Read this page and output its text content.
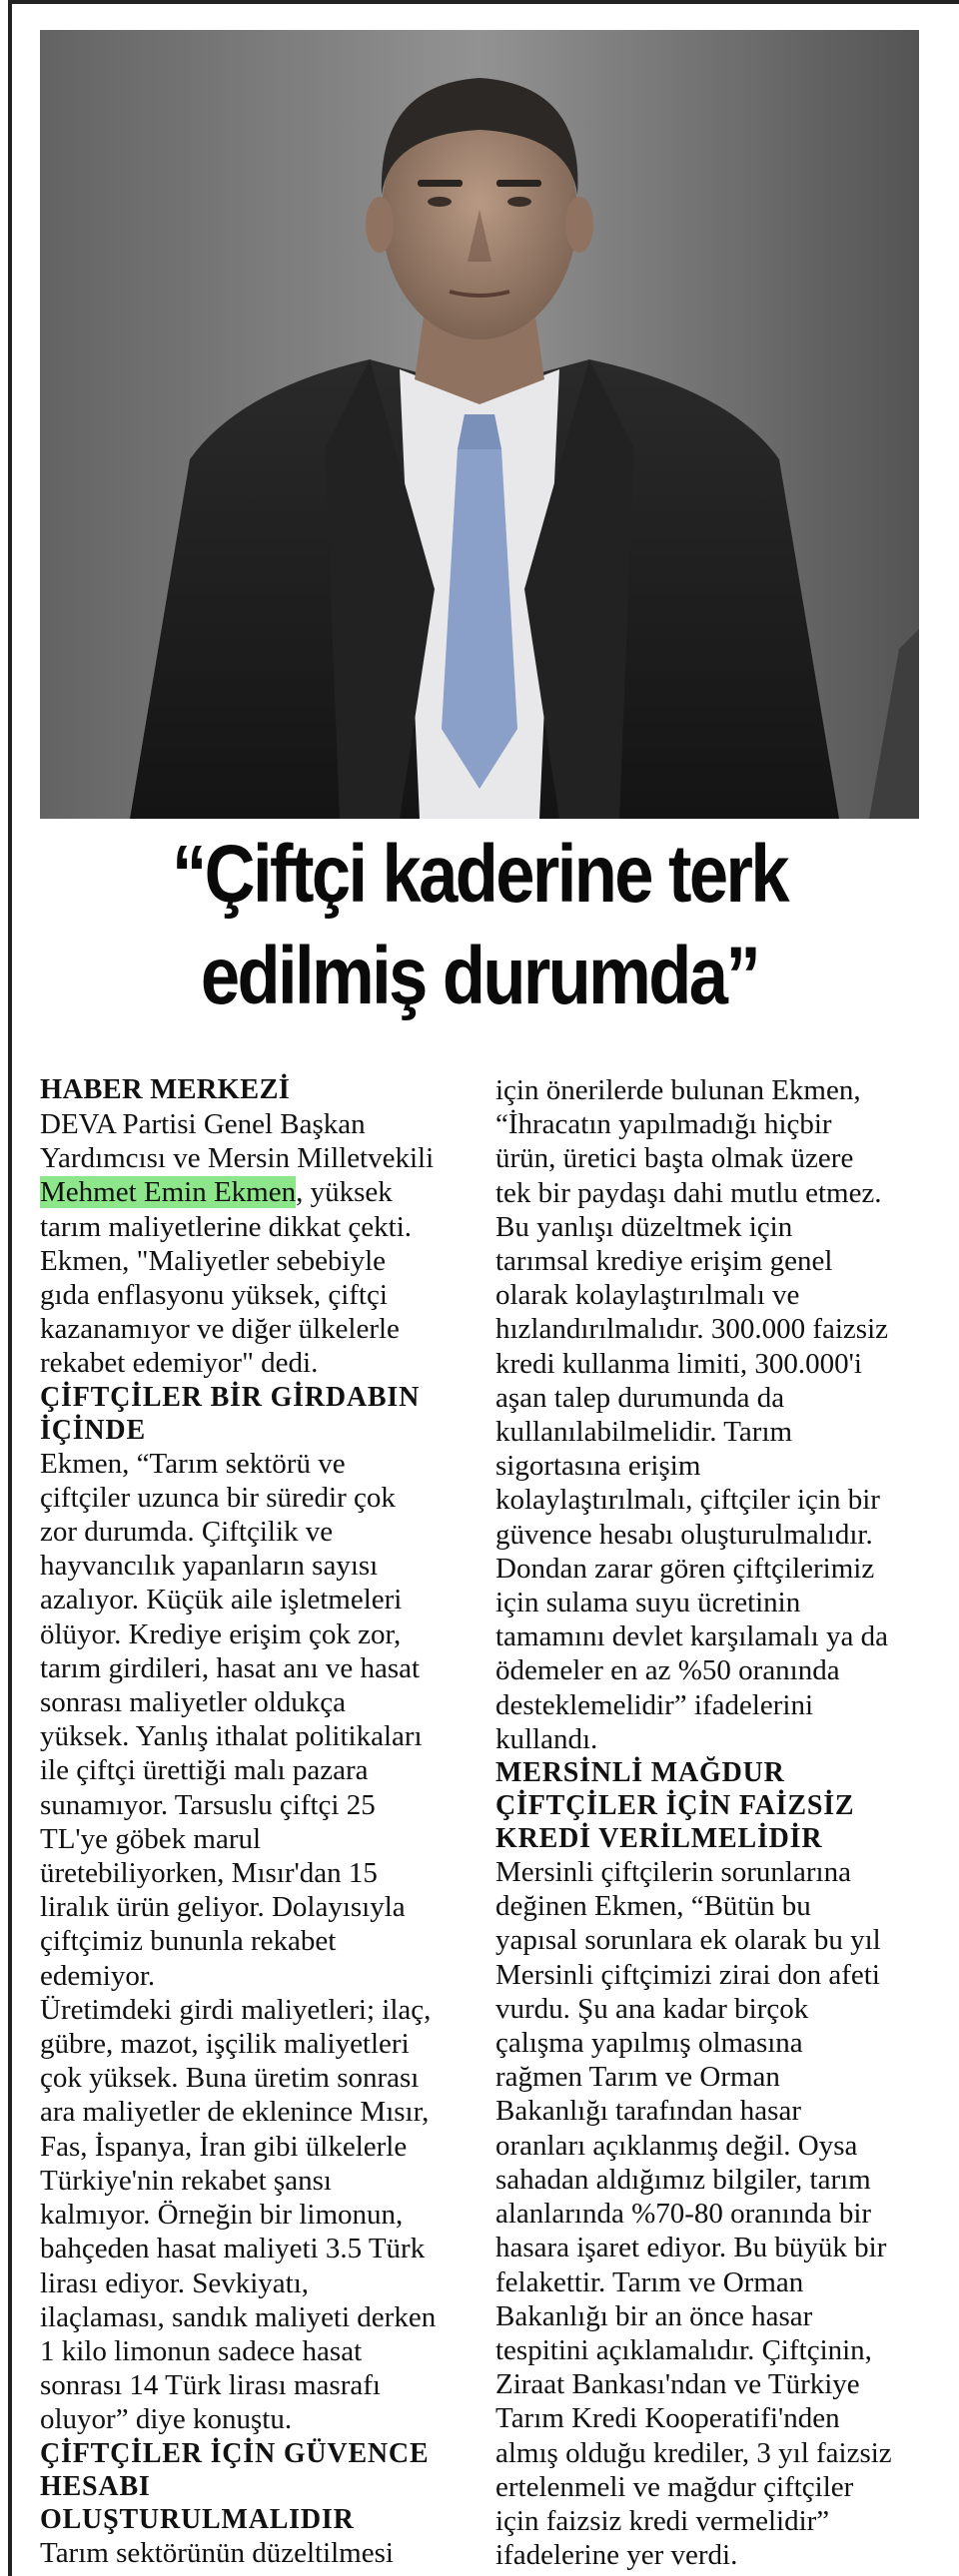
“Çiftçi kaderine terk
edilmiş durumda”
HABER MERKEZİ
DEVA Partisi Genel Başkan
Yardımcısı ve Mersin Milletvekili
Mehmet Emin Ekmen, yüksek
tarım maliyetlerine dikkat çekti.
Ekmen, "Maliyetler sebebiyle
gıda enflasyonu yüksek, çiftçi
kazanamıyor ve diğer ülkelerle
rekabet edemiyor" dedi.
ÇİFTÇİLER BİR GİRDABIN
İÇİNDE
Ekmen, “Tarım sektörü ve
çiftçiler uzunca bir süredir çok
zor durumda. Çiftçilik ve
hayvancılık yapanların sayısı
azalıyor. Küçük aile işletmeleri
ölüyor. Krediye erişim çok zor,
tarım girdileri, hasat anı ve hasat
sonrası maliyetler oldukça
yüksek. Yanlış ithalat politikaları
ile çiftçi ürettiği malı pazara
sunamıyor. Tarsuslu çiftçi 25
TL'ye göbek marul
üretebiliyorken, Mısır'dan 15
liralık ürün geliyor. Dolayısıyla
çiftçimiz bununla rekabet
edemiyor.
Üretimdeki girdi maliyetleri; ilaç,
gübre, mazot, işçilik maliyetleri
çok yüksek. Buna üretim sonrası
ara maliyetler de eklenince Mısır,
Fas, İspanya, İran gibi ülkelerle
Türkiye'nin rekabet şansı
kalmıyor. Örneğin bir limonun,
bahçeden hasat maliyeti 3.5 Türk
lirası ediyor. Sevkiyatı,
ilaçlaması, sandık maliyeti derken
1 kilo limonun sadece hasat
sonrası 14 Türk lirası masrafı
oluyor” diye konuştu.
ÇİFTÇİLER İÇİN GÜVENCE
HESABI
OLUŞTURULMALIDIR
Tarım sektörünün düzeltilmesi
için önerilerde bulunan Ekmen,
“İhracatın yapılmadığı hiçbir
ürün, üretici başta olmak üzere
tek bir paydaşı dahi mutlu etmez.
Bu yanlışı düzeltmek için
tarımsal krediye erişim genel
olarak kolaylaştırılmalı ve
hızlandırılmalıdır. 300.000 faizsiz
kredi kullanma limiti, 300.000'i
aşan talep durumunda da
kullanılabilmelidir. Tarım
sigortasına erişim
kolaylaştırılmalı, çiftçiler için bir
güvence hesabı oluşturulmalıdır.
Dondan zarar gören çiftçilerimiz
için sulama suyu ücretinin
tamamını devlet karşılamalı ya da
ödemeler en az %50 oranında
desteklemelidir” ifadelerini
kullandı.
MERSİNLİ MAĞDUR
ÇİFTÇİLER İÇİN FAİZSİZ
KREDİ VERİLMELİDİR
Mersinli çiftçilerin sorunlarına
değinen Ekmen, “Bütün bu
yapısal sorunlara ek olarak bu yıl
Mersinli çiftçimizi zirai don afeti
vurdu. Şu ana kadar birçok
çalışma yapılmış olmasına
rağmen Tarım ve Orman
Bakanlığı tarafından hasar
oranları açıklanmış değil. Oysa
sahadan aldığımız bilgiler, tarım
alanlarında %70-80 oranında bir
hasara işaret ediyor. Bu büyük bir
felakettir. Tarım ve Orman
Bakanlığı bir an önce hasar
tespitini açıklamalıdır. Çiftçinin,
Ziraat Bankası'ndan ve Türkiye
Tarım Kredi Kooperatifi'nden
almış olduğu krediler, 3 yıl faizsiz
ertelenmeli ve mağdur çiftçiler
için faizsiz kredi vermelidir”
ifadelerine yer verdi.
